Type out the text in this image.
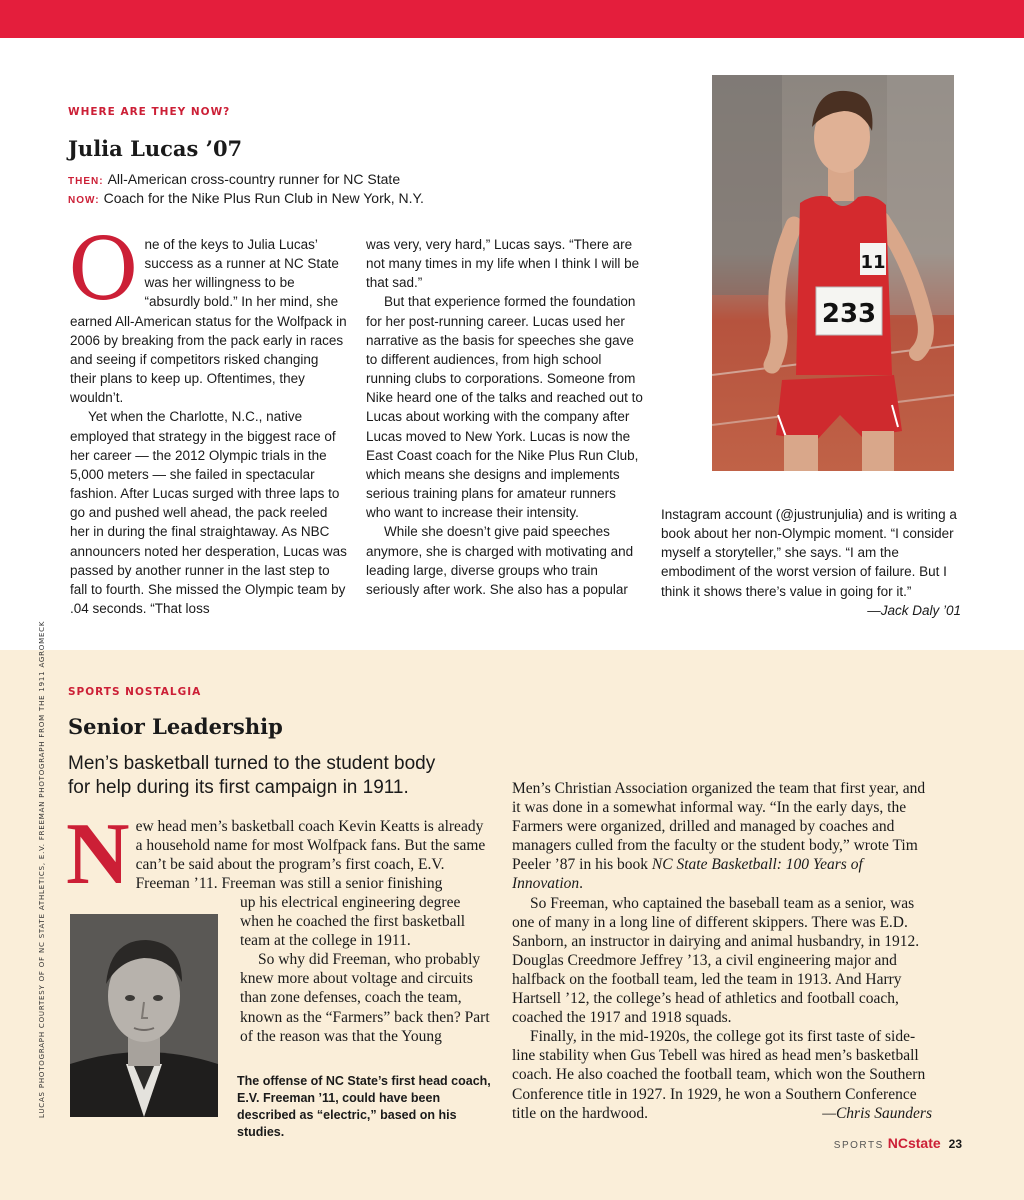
WHERE ARE THEY NOW?
Julia Lucas ’07
THEN: All-American cross-country runner for NC State
NOW: Coach for the Nike Plus Run Club in New York, N.Y.
O ne of the keys to Julia Lucas’ success as a runner at NC State was her willingness to be “absurdly bold.” In her mind, she earned All-American status for the Wolfpack in 2006 by breaking from the pack early in races and seeing if competitors risked changing their plans to keep up. Oftentimes, they wouldn’t.

Yet when the Charlotte, N.C., native employed that strategy in the biggest race of her career — the 2012 Olympic trials in the 5,000 meters — she failed in spectacular fashion. After Lucas surged with three laps to go and pushed well ahead, the pack reeled her in during the final straightaway. As NBC announcers noted her desperation, Lucas was passed by another runner in the last step to fall to fourth. She missed the Olympic team by .04 seconds. “That loss

was very, very hard,” Lucas says. “There are not many times in my life when I think I will be that sad.”

But that experience formed the foundation for her post-running career. Lucas used her narrative as the basis for speeches she gave to different audiences, from high school running clubs to corporations. Someone from Nike heard one of the talks and reached out to Lucas about working with the company after Lucas moved to New York. Lucas is now the East Coast coach for the Nike Plus Run Club, which means she designs and implements serious training plans for amateur runners who want to increase their intensity.

While she doesn’t give paid speeches anymore, she is charged with motivating and leading large, diverse groups who train seriously after work. She also has a popular

233
11

Instagram account (@justrunjulia) and is writing a book about her non-Olympic moment. “I consider myself a storyteller,” she says. “I am the embodiment of the worst version of failure. But I think it shows there’s value in going for it.”
—Jack Daly ’01

LUCAS PHOTOGRAPH COURTESY OF OF NC STATE ATHLETICS, E.V. FREEMAN PHOTOGRAPH FROM THE 1911 AGROMECK SPORTS NOSTALGIA
Senior Leadership
Men’s basketball turned to the student body for help during its first campaign in 1911.
N ew head men’s basketball coach Kevin Keatts is already a household name for most Wolfpack fans. But the same can’t be said about the program’s first coach, E.V. Freeman ’11. Freeman was still a senior finishing

up his electrical engineering degree when he coached the first basketball team at the college in 1911.

So why did Freeman, who probably knew more about voltage and circuits than zone defenses, coach the team, known as the “Farmers” back then? Part of the reason was that the Young

The offense of NC State’s first head coach, E.V. Freeman ’11, could have been described as “electric,” based on his studies.

Men’s Christian Association organized the team that first year, and it was done in a somewhat informal way. “In the early days, the Farmers were organized, drilled and managed by coaches and managers culled from the faculty or the student body,” wrote Tim Peeler ’87 in his book NC State Basketball: 100 Years of Innovation.

So Freeman, who captained the baseball team as a senior, was one of many in a long line of different skippers. There was E.D. Sanborn, an instructor in dairying and animal husbandry, in 1912. Douglas Creedmore Jeffrey ’13, a civil engineering major and halfback on the football team, led the team in 1913. And Harry Hartsell ’12, the college’s head of athletics and football coach, coached the 1917 and 1918 squads.

Finally, in the mid-1920s, the college got its first taste of sideline stability when Gus Tebell was hired as head men’s basketball coach. He also coached the football team, which won the Southern Conference title in 1927. In 1929, he won a Southern Conference title on the hardwood.	—Chris Saunders

SPORTS NCstate 23
